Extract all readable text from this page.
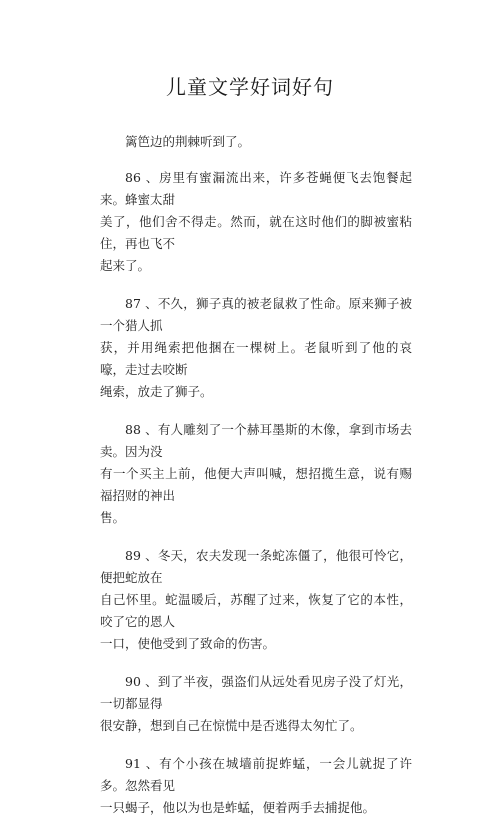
儿童文学好词好句

篱笆边的荆棘听到了。

86 、房里有蜜漏流出来，许多苍蝇便飞去饱餐起来。蜂蜜太甜
美了，他们舍不得走。然而，就在这时他们的脚被蜜粘住，再也飞不
起来了。

87 、不久，狮子真的被老鼠救了性命。原来狮子被一个猎人抓
获，并用绳索把他捆在一棵树上。老鼠听到了他的哀嚎，走过去咬断
绳索，放走了狮子。

88 、有人雕刻了一个赫耳墨斯的木像，拿到市场去卖。因为没
有一个买主上前，他便大声叫喊，想招揽生意，说有赐福招财的神出
售。

89 、冬天，农夫发现一条蛇冻僵了，他很可怜它，便把蛇放在
自己怀里。蛇温暖后，苏醒了过来，恢复了它的本性，咬了它的恩人
一口，使他受到了致命的伤害。

90 、到了半夜，强盗们从远处看见房子没了灯光，一切都显得
很安静，想到自己在惊慌中是否逃得太匆忙了。

91 、有个小孩在城墙前捉蚱蜢，一会儿就捉了许多。忽然看见
一只蝎子，他以为也是蚱蜢，便着两手去捕捉他。
